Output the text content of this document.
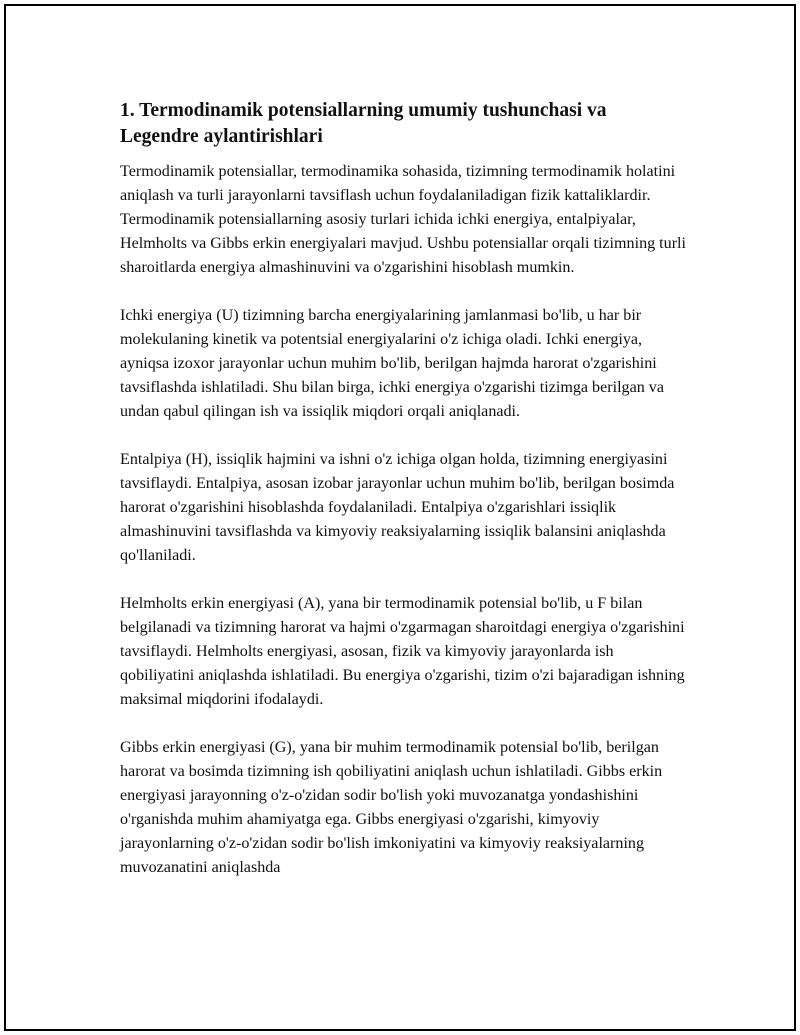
1. Termodinamik potensiallarning umumiy tushunchasi va Legendre aylantirishlari

Termodinamik potensiallar, termodinamika sohasida, tizimning termodinamik holatini aniqlash va turli jarayonlarni tavsiflash uchun foydalaniladigan fizik kattaliklardir. Termodinamik potensiallarning asosiy turlari ichida ichki energiya, entalpiyalar, Helmholts va Gibbs erkin energiyalari mavjud. Ushbu potensiallar orqali tizimning turli sharoitlarda energiya almashinuvini va o'zgarishini hisoblash mumkin.

Ichki energiya (U) tizimning barcha energiyalarining jamlanmasi bo'lib, u har bir molekulaning kinetik va potentsial energiyalarini o'z ichiga oladi. Ichki energiya, ayniqsa izoxor jarayonlar uchun muhim bo'lib, berilgan hajmda harorat o'zgarishini tavsiflashda ishlatiladi. Shu bilan birga, ichki energiya o'zgarishi tizimga berilgan va undan qabul qilingan ish va issiqlik miqdori orqali aniqlanadi.

Entalpiya (H), issiqlik hajmini va ishni o'z ichiga olgan holda, tizimning energiyasini tavsiflaydi. Entalpiya, asosan izobar jarayonlar uchun muhim bo'lib, berilgan bosimda harorat o'zgarishini hisoblashda foydalaniladi. Entalpiya o'zgarishlari issiqlik almashinuvini tavsiflashda va kimyoviy reaksiyalarning issiqlik balansini aniqlashda qo'llaniladi.

Helmholts erkin energiyasi (A), yana bir termodinamik potensial bo'lib, u F bilan belgilanadi va tizimning harorat va hajmi o'zgarmagan sharoitdagi energiya o'zgarishini tavsiflaydi. Helmholts energiyasi, asosan, fizik va kimyoviy jarayonlarda ish qobiliyatini aniqlashda ishlatiladi. Bu energiya o'zgarishi, tizim o'zi bajaradigan ishning maksimal miqdorini ifodalaydi.

Gibbs erkin energiyasi (G), yana bir muhim termodinamik potensial bo'lib, berilgan harorat va bosimda tizimning ish qobiliyatini aniqlash uchun ishlatiladi. Gibbs erkin energiyasi jarayonning o'z-o'zidan sodir bo'lish yoki muvozanatga yondashishini o'rganishda muhim ahamiyatga ega. Gibbs energiyasi o'zgarishi, kimyoviy jarayonlarning o'z-o'zidan sodir bo'lish imkoniyatini va kimyoviy reaksiyalarning muvozanatini aniqlashda
